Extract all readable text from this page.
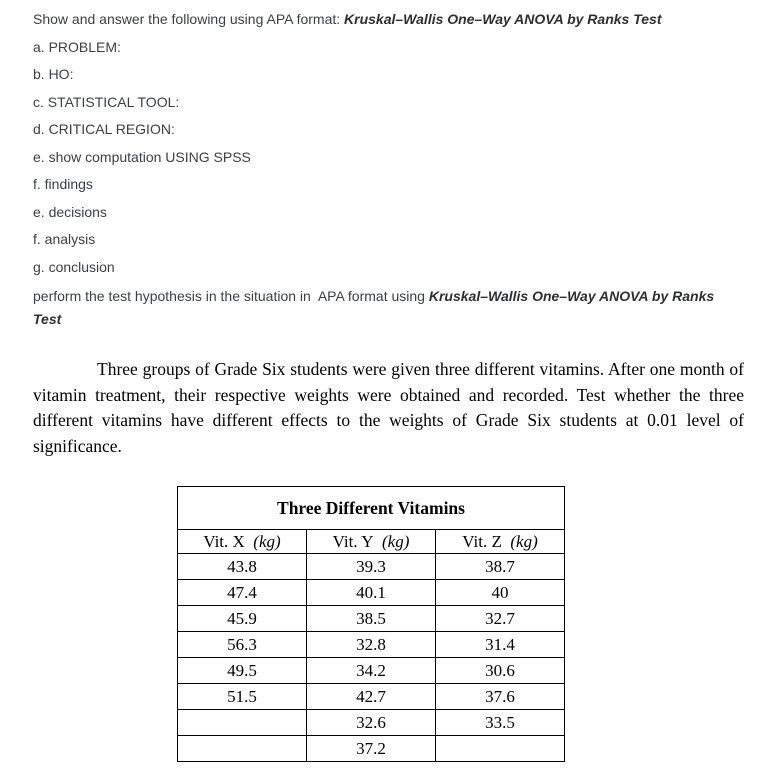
Show and answer the following using APA format: Kruskal–Wallis One–Way ANOVA by Ranks Test

a. PROBLEM:

b. HO:

c. STATISTICAL TOOL:

d. CRITICAL REGION:

e. show computation USING SPSS

f. findings

e. decisions

f. analysis

g. conclusion

perform the test hypothesis in the situation in  APA format using Kruskal–Wallis One–Way ANOVA by Ranks Test

Three groups of Grade Six students were given three different vitamins. After one month of vitamin treatment, their respective weights were obtained and recorded. Test whether the three different vitamins have different effects to the weights of Grade Six students at 0.01 level of significance.

Three Different Vitamins		
Vit. X  (kg)	Vit. Y  (kg)	Vit. Z  (kg)
43.8	39.3	38.7
47.4	40.1	40
45.9	38.5	32.7
56.3	32.8	31.4
49.5	34.2	30.6
51.5	42.7	37.6
	32.6	33.5
	37.2	
